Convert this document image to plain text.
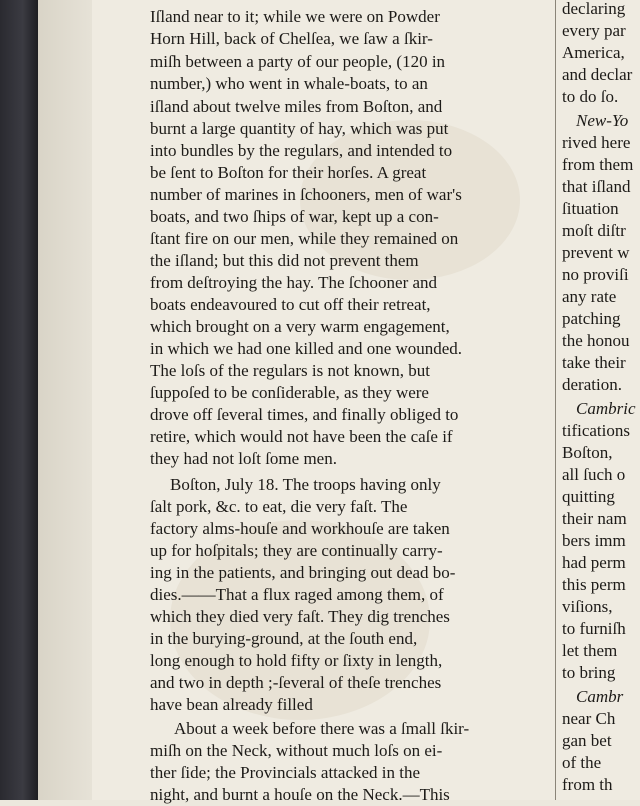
Iſland near to it; while we were on Powder
Horn Hill, back of Chelſea, we ſaw a ſkir-
miſh between a party of our people, (120 in
number,) who went in whale-boats, to an
iſland about twelve miles from Boſton, and
burnt a large quantity of hay, which was put
into bundles by the regulars, and intended to
be ſent to Boſton for their horſes. A great
number of marines in ſchooners, men of war's
boats, and two ſhips of war, kept up a con-
ſtant fire on our men, while they remained on
the iſland; but this did not prevent them
from deſtroying the hay. The ſchooner and
boats endeavoured to cut off their retreat,
which brought on a very warm engagement,
in which we had one killed and one wounded.
The loſs of the regulars is not known, but
ſuppoſed to be conſiderable, as they were
drove off ſeveral times, and finally obliged to
retire, which would not have been the caſe if
they had not loſt ſome men.
Boſton, July 18. The troops having only
ſalt pork, &c. to eat, die very faſt. The
factory alms-houſe and workhouſe are taken
up for hoſpitals; they are continually carry-
ing in the patients, and bringing out dead bo-
dies.——That a flux raged among them, of
which they died very faſt. They dig trenches
in the burying-ground, at the ſouth end,
long enough to hold fifty or ſixty in length,
and two in depth ;-ſeveral of theſe trenches
have bean already filled
About a week before there was a ſmall ſkir-
miſh on the Neck, without much loſs on ei-
ther ſide; the Provincials attacked in the
night, and burnt a houſe on the Neck.—This
declaring
every par
America,
and declar
to do ſo.
New-Yo
rived here
from them
that iſland
ſituation
moſt diſtr
prevent w
no proviſi
any rate
patching
the honou
take their
deration.
Cambric
tifications
Boſton,
all ſuch o
quitting
their nam
bers imm
had perm
this perm
viſions,
to furniſh
let them
to bring
Cambr
near Ch
gan bet
of the
from th
